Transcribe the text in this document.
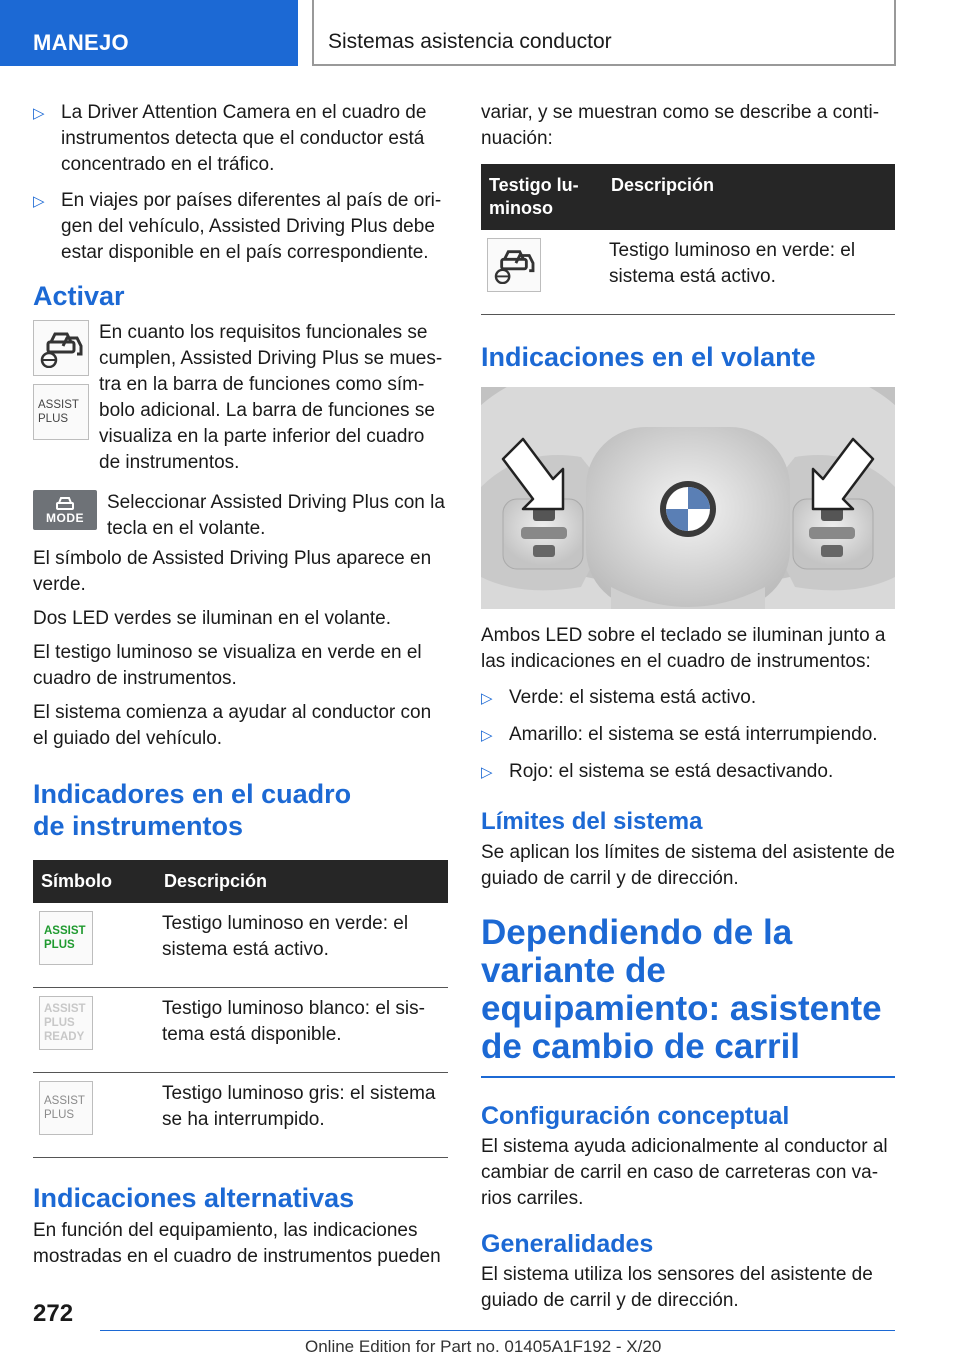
MANEJO	Sistemas asistencia conductor
▷ La Driver Attention Camera en el cuadro de instrumentos detecta que el conductor está concentrado en el tráfico.
▷ En viajes por países diferentes al país de origen del vehículo, Assisted Driving Plus debe estar disponible en el país correspondiente.
Activar
ASSIST
PLUS
En cuanto los requisitos funcionales se cumplen, Assisted Driving Plus se muestra en la barra de funciones como símbolo adicional. La barra de funciones se visualiza en la parte inferior del cuadro de instrumentos.
MODE
Seleccionar Assisted Driving Plus con la tecla en el volante.

El símbolo de Assisted Driving Plus aparece en verde.

Dos LED verdes se iluminan en el volante.

El testigo luminoso se visualiza en verde en el cuadro de instrumentos.

El sistema comienza a ayudar al conductor con el guiado del vehículo.

Indicadores en el cuadro
de instrumentos
Símbolo	Descripción

ASSIST
PLUS	Testigo luminoso en verde: el sistema está activo.

ASSIST
PLUS
READY	Testigo luminoso blanco: el sistema está disponible.

ASSIST
PLUS	Testigo luminoso gris: el sistema se ha interrumpido.
Indicaciones alternativas

En función del equipamiento, las indicaciones mostradas en el cuadro de instrumentos pueden

variar, y se muestran como se describe a continuación:

Testigo luminoso	Descripción

	Testigo luminoso en verde: el sistema está activo.
Indicaciones en el volante

Ambos LED sobre el teclado se iluminan junto a las indicaciones en el cuadro de instrumentos:

▷ Verde: el sistema está activo.
▷ Amarillo: el sistema se está interrumpiendo.
▷ Rojo: el sistema se está desactivando.
Límites del sistema

Se aplican los límites de sistema del asistente de guiado de carril y de dirección.

Dependiendo de la variante de equipamiento: asistente de cambio de carril
Configuración conceptual

El sistema ayuda adicionalmente al conductor al cambiar de carril en caso de carreteras con varios carriles.

Generalidades

El sistema utiliza los sensores del asistente de guiado de carril y de dirección.

272
Online Edition for Part no. 01405A1F192 - X/20
